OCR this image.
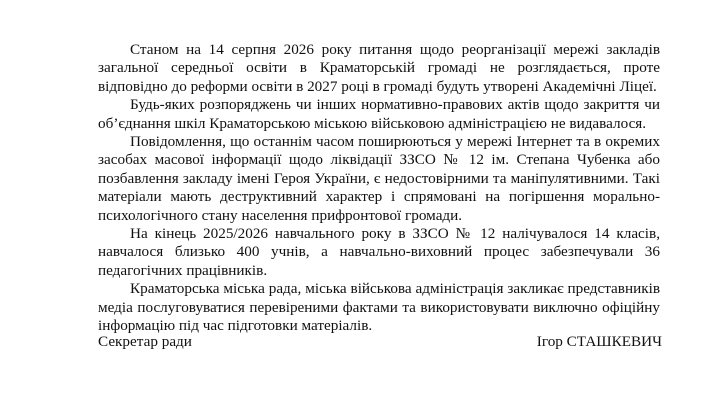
Станом на 14 серпня 2026 року питання щодо реорганізації мережі закладів загальної середньої освіти в Краматорській громаді не розглядається, проте відповідно до реформи освіти в 2027 році в громаді будуть утворені Академічні Ліцеї.

Будь-яких розпоряджень чи інших нормативно-правових актів щодо закриття чи об’єднання шкіл Краматорською міською військовою адміністрацією не видавалося.

Повідомлення, що останнім часом поширюються у мережі Інтернет та в окремих засобах масової інформації щодо ліквідації ЗЗСО № 12 ім. Степана Чубенка або позбавлення закладу імені Героя України, є недостовірними та маніпулятивними. Такі матеріали мають деструктивний характер і спрямовані на погіршення морально-психологічного стану населення прифронтової громади.

На кінець 2025/2026 навчального року в ЗЗСО № 12 налічувалося 14 класів, навчалося близько 400 учнів, а навчально-виховний процес забезпечували 36 педагогічних працівників.

Краматорська міська рада, міська військова адміністрація закликає представників медіа послуговуватися перевіреними фактами та використовувати виключно офіційну інформацію під час підготовки матеріалів.

Секретар ради	Ігор СТАШКЕВИЧ
